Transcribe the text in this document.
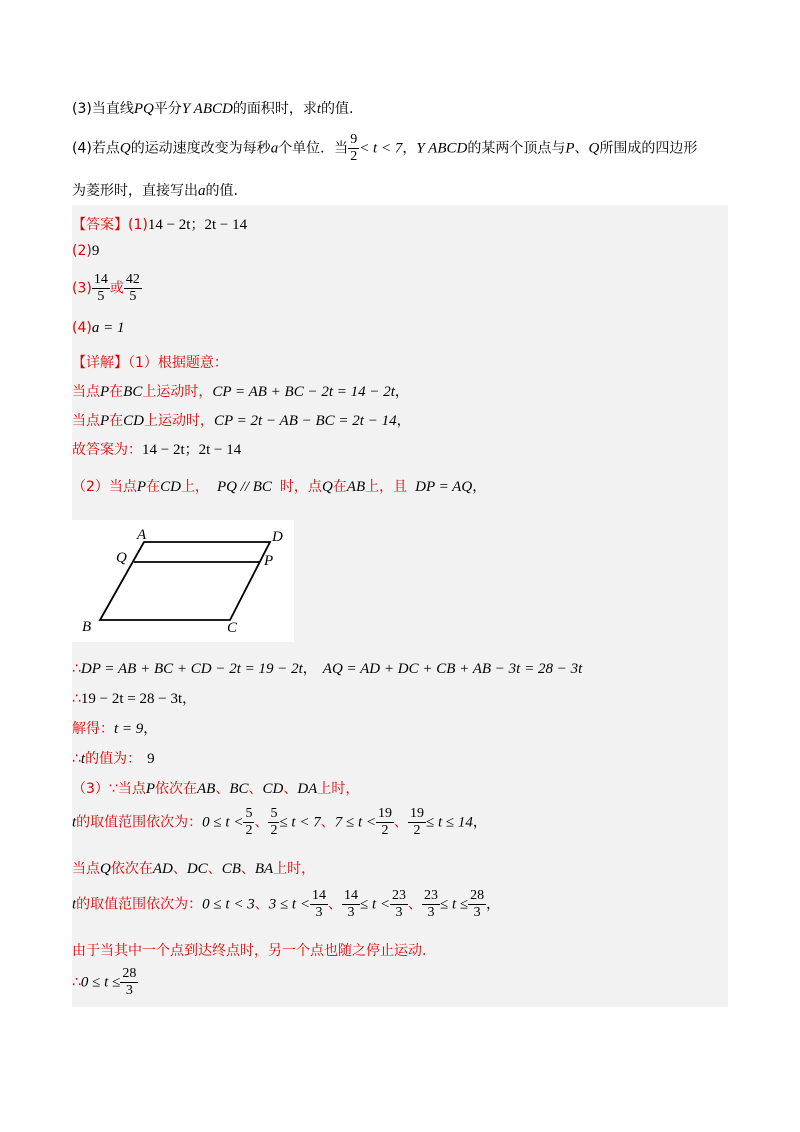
(3)当直线PQ平分Y ABCD的面积时，求t的值.
(4)若点Q的运动速度改变为每秒a个单位．当 $\frac{9}{2} < t < 7$，Y ABCD的某两个顶点与P、Q所围成的四边形
为菱形时，直接写出a的值.
【答案】(1)14 − 2t；2t − 14
(2)9
$(3) \frac{14}{5}$ 或 $\frac{42}{5}$
(4)a = 1
【详解】（1）根据题意：
当点P在BC上运动时，CP = AB + BC − 2t = 14 − 2t，
当点P在CD上运动时，CP = 2t − AB − BC = 2t − 14，
故答案为：14 − 2t；2t − 14
（2）当点P在CD上， PQ // BC 时，点Q在AB上，且 DP = AQ，
A	D
Q	P
B	C
∴DP = AB + BC + CD − 2t = 19 − 2t， AQ = AD + DC + CB + AB − 3t = 28 − 3t
∴19 − 2t = 28 − 3t，
解得：t = 9，
∴t的值为： 9
（3）∵当点P依次在AB、BC、CD、DA上时，
t的取值范围依次为：$0 \le t < \frac{5}{2}$ 、 $\frac{5}{2} \le t < 7$、$7 \le t < \frac{19}{2}$ 、 $\frac{19}{2} \le t \le 14$，
当点Q依次在AD、DC、CB、BA上时，
t的取值范围依次为：0 ≤ t < 3、$3 \le t < \frac{14}{3}$ 、 $\frac{14}{3} \le t < \frac{23}{3}$ 、 $\frac{23}{3} \le t \le \frac{28}{3}$ ，
由于当其中一个点到达终点时，另一个点也随之停止运动.
∴0 ≤ $t \le \frac{28}{3}$
